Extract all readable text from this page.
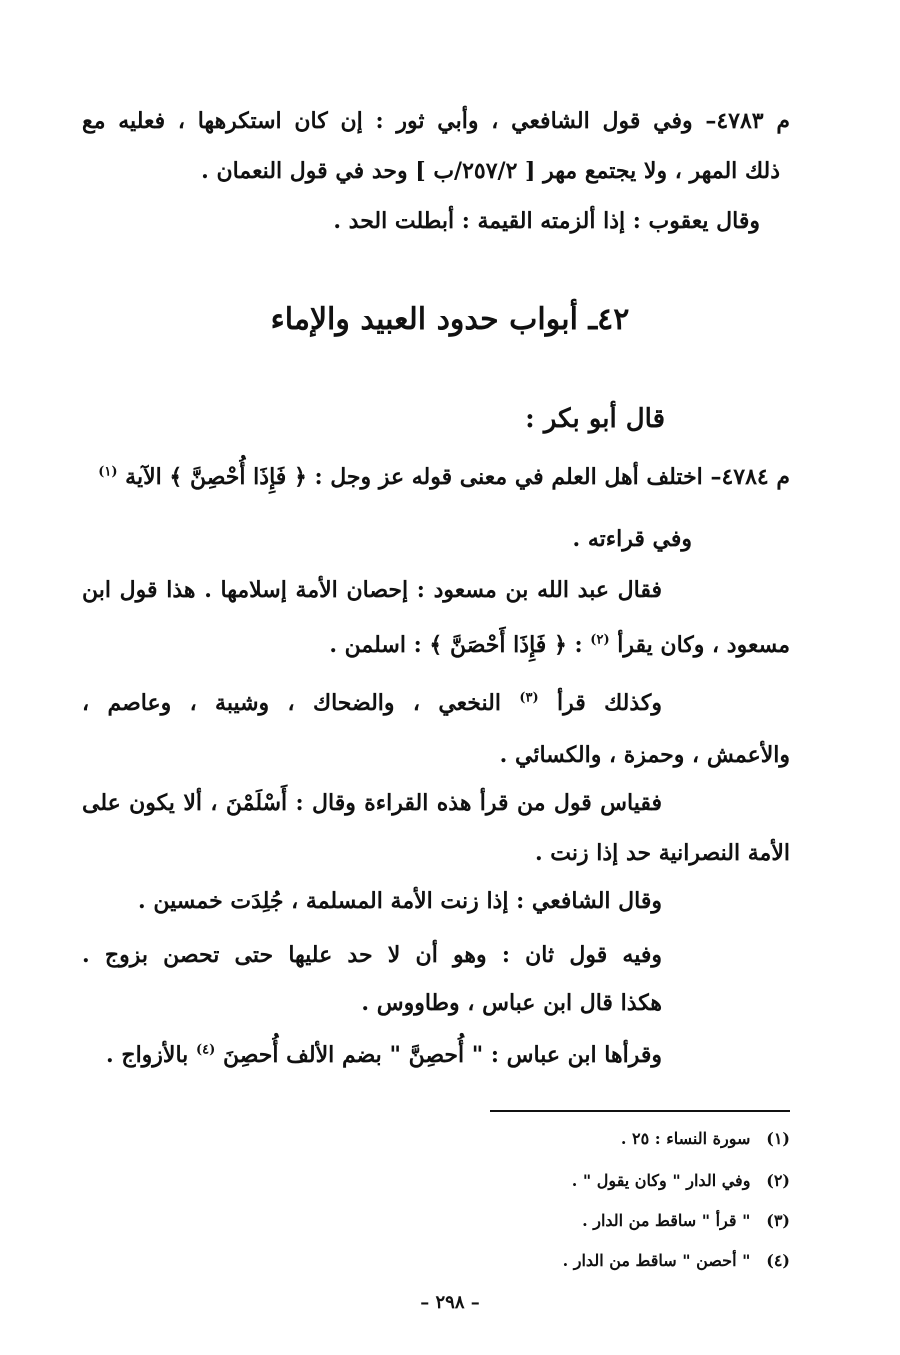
م ٤٧٨٣– وفي قول الشافعي ، وأبي ثور : إن كان استكرهها ، فعليه مع
ذلك المهر ، ولا يجتمع مهر [ ٢٥٧/٢/ب ] وحد في قول النعمان .
وقال يعقوب : إذا ألزمته القيمة : أبطلت الحد .
٤٢ـ أبواب حدود العبيد والإماء
قال أبو بكر :
م ٤٧٨٤– اختلف أهل العلم في معنى قوله عز وجل : ﴿ فَإِذَا أُحْصِنَّ ﴾ الآية $^{(١)}$
وفي قراءته .
فقال عبد الله بن مسعود : إحصان الأمة إسلامها . هذا قول ابن
مسعود ، وكان يقرأ $^{(٢)}$ : ﴿ فَإِذَا أَحْصَنَّ ﴾ : اسلمن .
وكذلك قرأ $^{(٣)}$ النخعي ، والضحاك ، وشيبة ، وعاصم ،
والأعمش ، وحمزة ، والكسائي .
فقياس قول من قرأ هذه القراءة وقال : أَسْلَمْنَ ، ألا يكون على
الأمة النصرانية حد إذا زنت .
وقال الشافعي : إذا زنت الأمة المسلمة ، جُلِدَت خمسين .
وفيه قول ثان : وهو أن لا حد عليها حتى تحصن بزوج .
هكذا قال ابن عباس ، وطاووس .
وقرأها ابن عباس : " أُحصِنَّ " بضم الألف أُحصِنَ $^{(٤)}$ بالأزواج .
(١) سورة النساء : ٢٥ .
(٢) وفي الدار " وكان يقول " .
(٣) " قرأ " ساقط من الدار .
(٤) " أحصن " ساقط من الدار .
– ٢٩٨ –
